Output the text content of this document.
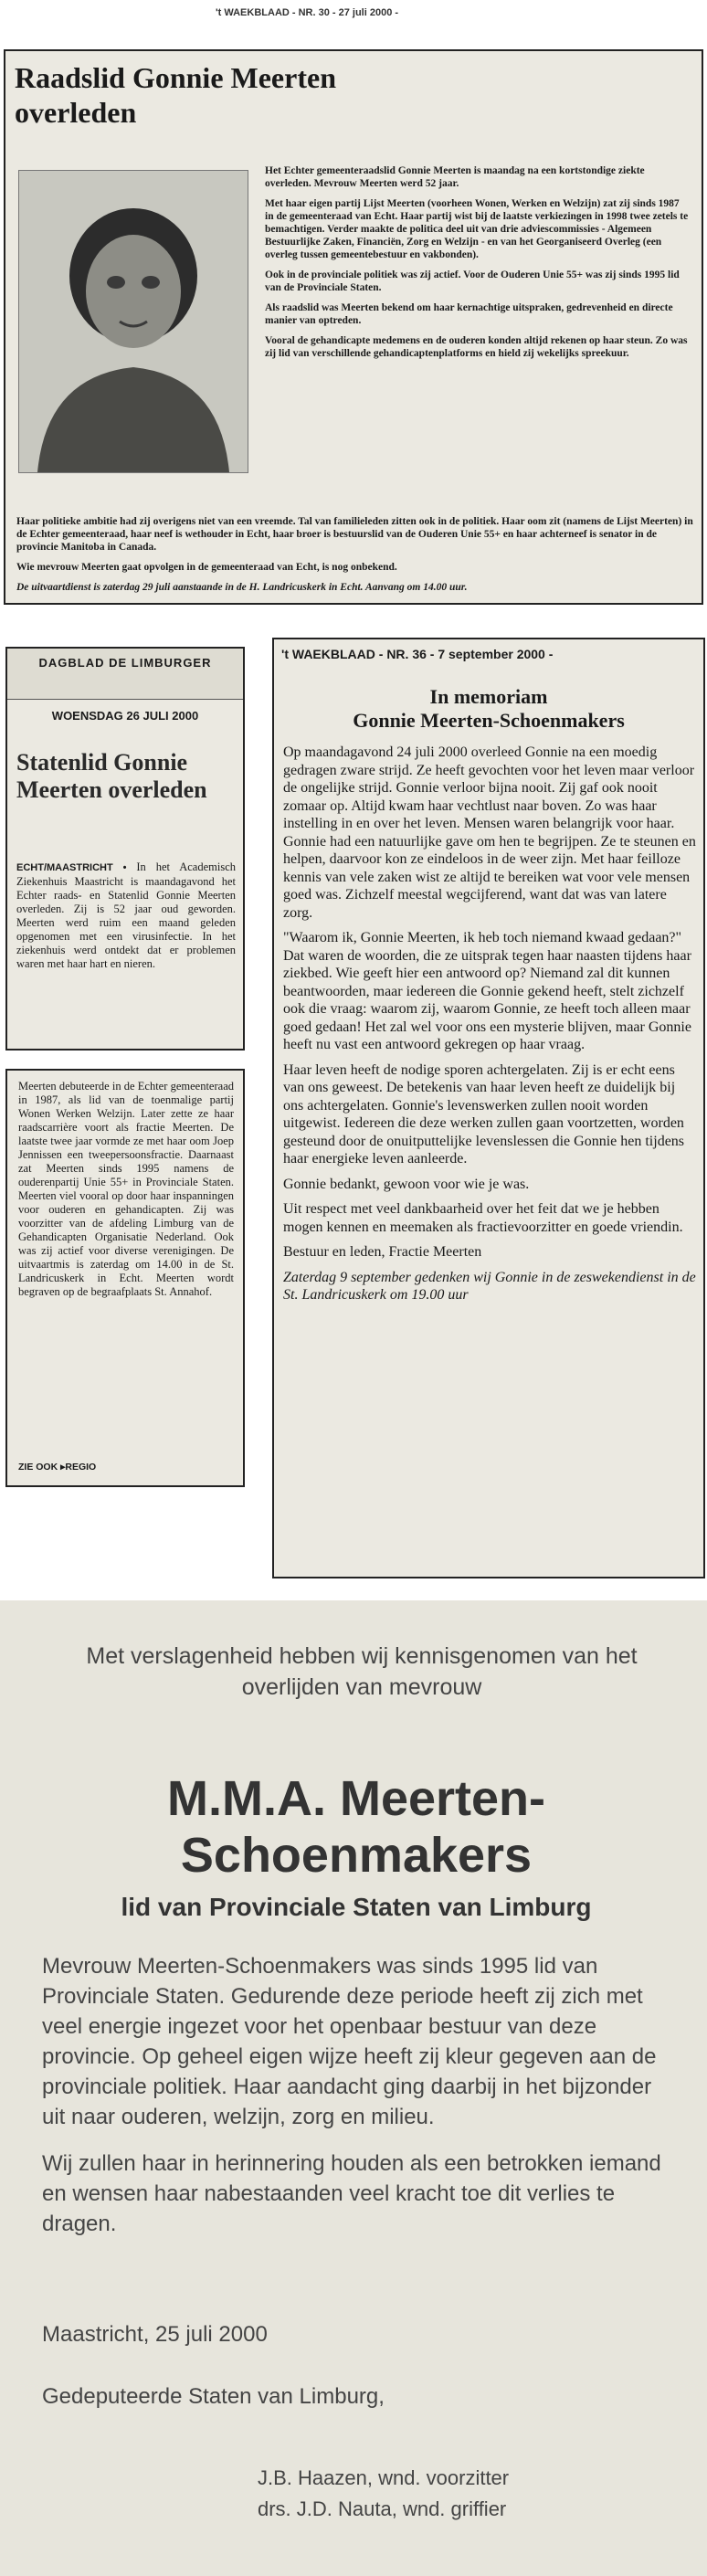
't WAEKBLAAD - NR. 30 - 27 juli 2000 -
Raadslid Gonnie Meerten overleden

Het Echter gemeenteraadslid Gonnie Meerten is maandag na een kortstondige ziekte overleden. Mevrouw Meerten werd 52 jaar.

Met haar eigen partij Lijst Meerten (voorheen Wonen, Werken en Welzijn) zat zij sinds 1987 in de gemeenteraad van Echt. Haar partij wist bij de laatste verkiezingen in 1998 twee zetels te bemachtigen. Verder maakte de politica deel uit van drie adviescommissies - Algemeen Bestuurlijke Zaken, Financiën, Zorg en Welzijn - en van het Georganiseerd Overleg (een overleg tussen gemeentebestuur en vakbonden).

Ook in de provinciale politiek was zij actief. Voor de Ouderen Unie 55+ was zij sinds 1995 lid van de Provinciale Staten.

Als raadslid was Meerten bekend om haar kernachtige uitspraken, gedrevenheid en directe manier van optreden.

Vooral de gehandicapte medemens en de ouderen konden altijd rekenen op haar steun. Zo was zij lid van verschillende gehandicaptenplatforms en hield zij wekelijks spreekuur.

Haar politieke ambitie had zij overigens niet van een vreemde. Tal van familieleden zitten ook in de politiek. Haar oom zit (namens de Lijst Meerten) in de Echter gemeenteraad, haar neef is wethouder in Echt, haar broer is bestuurslid van de Ouderen Unie 55+ en haar achterneef is senator in de provincie Manitoba in Canada.

Wie mevrouw Meerten gaat opvolgen in de gemeenteraad van Echt, is nog onbekend.

De uitvaartdienst is zaterdag 29 juli aanstaande in de H. Landricuskerk in Echt. Aanvang om 14.00 uur.

DAGBLAD DE LIMBURGER
WOENSDAG 26 JULI 2000
Statenlid Gonnie Meerten overleden
ECHT/MAASTRICHT • In het Academisch Ziekenhuis Maastricht is maandagavond het Echter raads- en Statenlid Gonnie Meerten overleden. Zij is 52 jaar oud geworden. Meerten werd ruim een maand geleden opgenomen met een virusinfectie. In het ziekenhuis werd ontdekt dat er problemen waren met haar hart en nieren.
Meerten debuteerde in de Echter gemeenteraad in 1987, als lid van de toenmalige partij Wonen Werken Welzijn. Later zette ze haar raadscarrière voort als fractie Meerten. De laatste twee jaar vormde ze met haar oom Joep Jennissen een tweepersoonsfractie. Daarnaast zat Meerten sinds 1995 namens de ouderenpartij Unie 55+ in Provinciale Staten. Meerten viel vooral op door haar inspanningen voor ouderen en gehandicapten. Zij was voorzitter van de afdeling Limburg van de Gehandicapten Organisatie Nederland. Ook was zij actief voor diverse verenigingen. De uitvaartmis is zaterdag om 14.00 in de St. Landricuskerk in Echt. Meerten wordt begraven op de begraafplaats St. Annahof.
ZIE OOK ▸REGIO
't WAEKBLAAD - NR. 36 - 7 september 2000 -
In memoriam
Gonnie Meerten-Schoenmakers

Op maandagavond 24 juli 2000 overleed Gonnie na een moedig gedragen zware strijd. Ze heeft gevochten voor het leven maar verloor de ongelijke strijd. Gonnie verloor bijna nooit. Zij gaf ook nooit zomaar op. Altijd kwam haar vechtlust naar boven. Zo was haar instelling in en over het leven. Mensen waren belangrijk voor haar. Gonnie had een natuurlijke gave om hen te begrijpen. Ze te steunen en helpen, daarvoor kon ze eindeloos in de weer zijn. Met haar feilloze kennis van vele zaken wist ze altijd te bereiken wat voor vele mensen goed was. Zichzelf meestal wegcijferend, want dat was van latere zorg.

"Waarom ik, Gonnie Meerten, ik heb toch niemand kwaad gedaan?" Dat waren de woorden, die ze uitsprak tegen haar naasten tijdens haar ziekbed. Wie geeft hier een antwoord op? Niemand zal dit kunnen beantwoorden, maar iedereen die Gonnie gekend heeft, stelt zichzelf ook die vraag: waarom zij, waarom Gonnie, ze heeft toch alleen maar goed gedaan! Het zal wel voor ons een mysterie blijven, maar Gonnie heeft nu vast een antwoord gekregen op haar vraag.

Haar leven heeft de nodige sporen achtergelaten. Zij is er echt eens van ons geweest. De betekenis van haar leven heeft ze duidelijk bij ons achtergelaten. Gonnie's levenswerken zullen nooit worden uitgewist. Iedereen die deze werken zullen gaan voortzetten, worden gesteund door de onuitputtelijke levenslessen die Gonnie hen tijdens haar energieke leven aanleerde.

Gonnie bedankt, gewoon voor wie je was.

Uit respect met veel dankbaarheid over het feit dat we je hebben mogen kennen en meemaken als fractievoorzitter en goede vriendin.

Bestuur en leden, Fractie Meerten

Zaterdag 9 september gedenken wij Gonnie in de zeswekendienst in de St. Landricuskerk om 19.00 uur

Met verslagenheid hebben wij kennisgenomen van het overlijden van mevrouw
M.M.A. Meerten-Schoenmakers
lid van Provinciale Staten van Limburg

Mevrouw Meerten-Schoenmakers was sinds 1995 lid van Provinciale Staten. Gedurende deze periode heeft zij zich met veel energie ingezet voor het openbaar bestuur van deze provincie. Op geheel eigen wijze heeft zij kleur gegeven aan de provinciale politiek. Haar aandacht ging daarbij in het bijzonder uit naar ouderen, welzijn, zorg en milieu.

Wij zullen haar in herinnering houden als een betrokken iemand en wensen haar nabestaanden veel kracht toe dit verlies te dragen.

Maastricht, 25 juli 2000
Gedeputeerde Staten van Limburg,
J.B. Haazen, wnd. voorzitter
drs. J.D. Nauta, wnd. griffier
